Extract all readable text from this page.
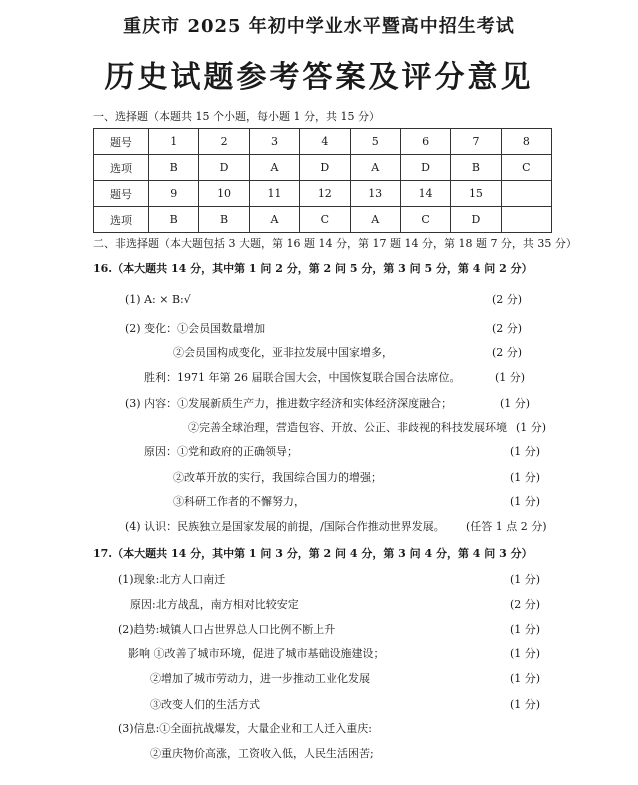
重庆市 2025 年初中学业水平暨高中招生考试
历史试题参考答案及评分意见
一、选择题（本题共 15 个小题，每小题 1 分，共 15 分）
题号	1	2	3	4	5	6	7	8
选项	B	D	A	D	A	D	B	C
题号	9	10	11	12	13	14	15	
选项	B	B	A	C	A	C	D	
二、非选择题（本大题包括 3 大题，第 16 题 14 分，第 17 题 14 分，第 18 题 7 分，共 35 分）
16.（本大题共 14 分，其中第 1 问 2 分，第 2 问 5 分，第 3 问 5 分，第 4 问 2 分）
(1) A: × B:√	(2 分)
(2) 变化：①会员国数量增加	(2 分)
②会员国构成变化，亚非拉发展中国家增多，	(2 分)
胜利：1971 年第 26 届联合国大会，中国恢复联合国合法席位。	(1 分)
(3) 内容：①发展新质生产力，推进数字经济和实体经济深度融合；	(1 分)
②完善全球治理，营造包容、开放、公正、非歧视的科技发展环境 (1 分)
原因：①党和政府的正确领导；	(1 分)
②改革开放的实行，我国综合国力的增强；	(1 分)
③科研工作者的不懈努力，	(1 分)
(4) 认识：民族独立是国家发展的前提，/国际合作推动世界发展。 (任答 1 点 2 分)
17.（本大题共 14 分，其中第 1 问 3 分，第 2 问 4 分，第 3 问 4 分，第 4 问 3 分）
(1)现象:北方人口南迁	(1 分)
原因:北方战乱，南方相对比较安定	(2 分)
(2)趋势:城镇人口占世界总人口比例不断上升	(1 分)
影响 ①改善了城市环境，促进了城市基础设施建设；	(1 分)
②增加了城市劳动力，进一步推动工业化发展	(1 分)
③改变人们的生活方式	(1 分)
(3)信息:①全面抗战爆发，大量企业和工人迁入重庆:
②重庆物价高涨，工资收入低，人民生活困苦;
